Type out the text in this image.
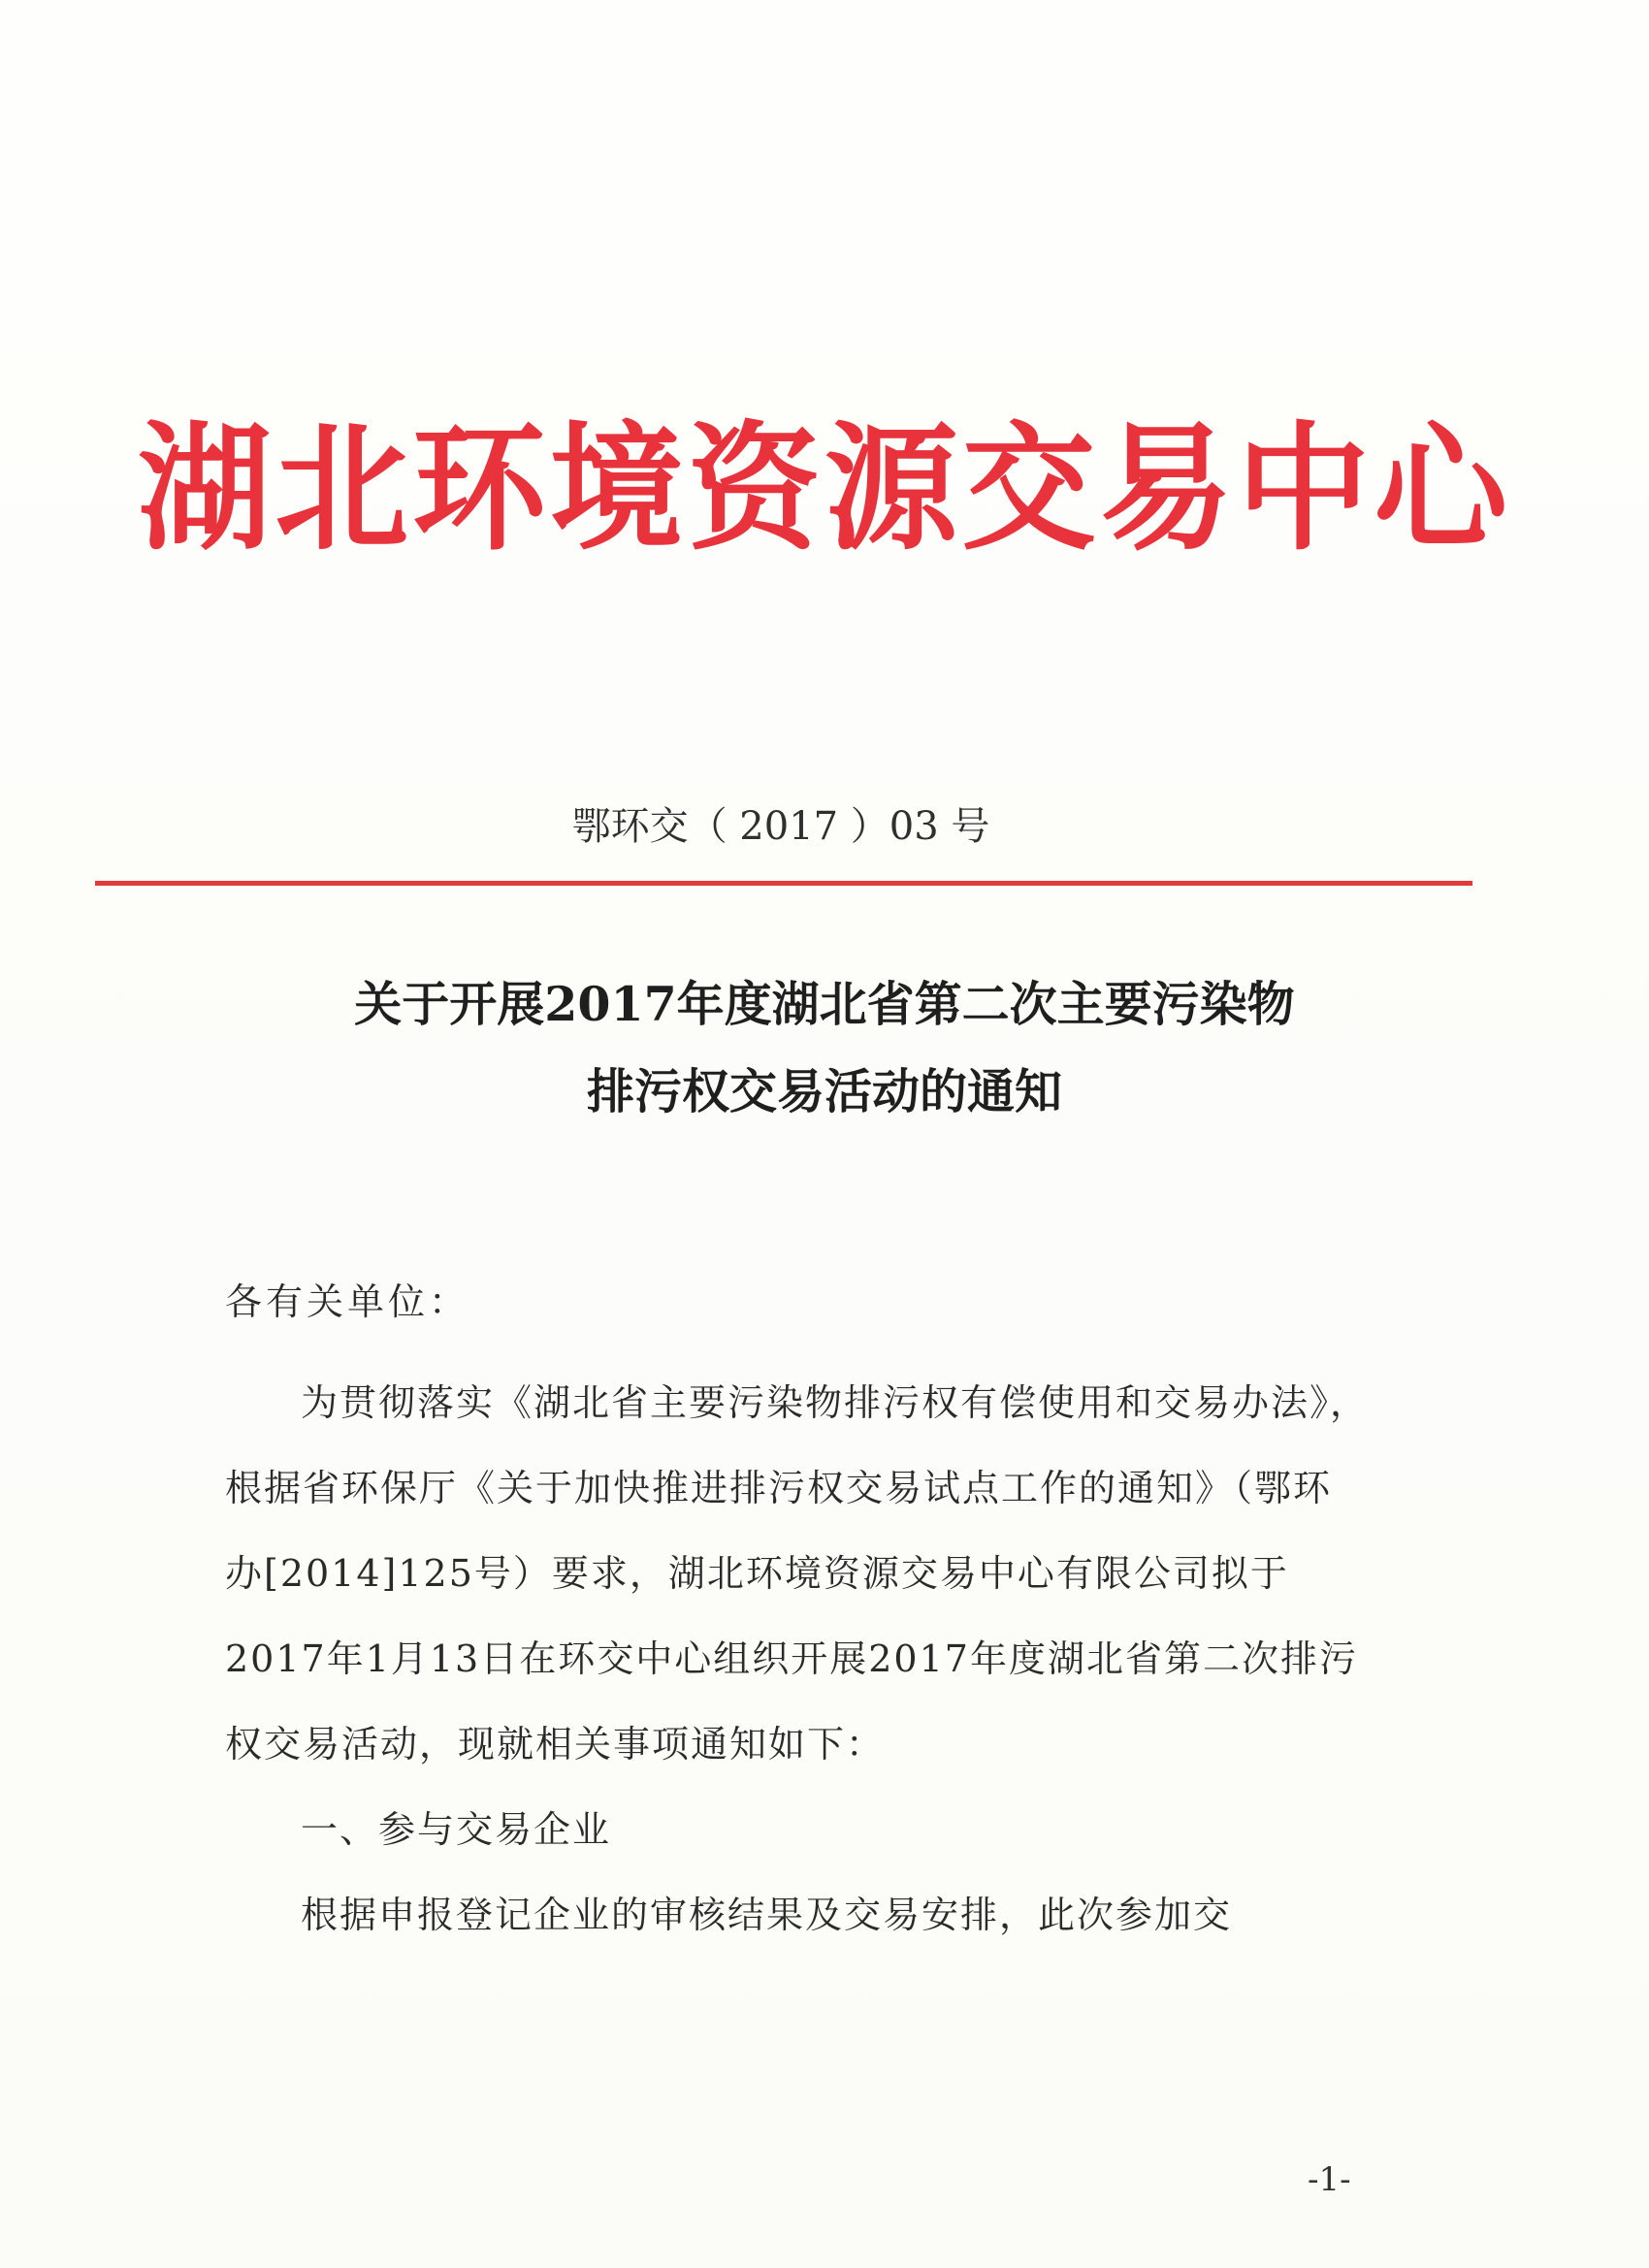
湖北环境资源交易中心
鄂环交（ 2017 ）03 号
关于开展2017年度湖北省第二次主要污染物
排污权交易活动的通知
各有关单位：

为贯彻落实《湖北省主要污染物排污权有偿使用和交易办法》，根据省环保厅《关于加快推进排污权交易试点工作的通知》（鄂环办[2014]125号）要求，湖北环境资源交易中心有限公司拟于2017年1月13日在环交中心组织开展2017年度湖北省第二次排污权交易活动，现就相关事项通知如下：

一、参与交易企业

根据申报登记企业的审核结果及交易安排，此次参加交

-1-
